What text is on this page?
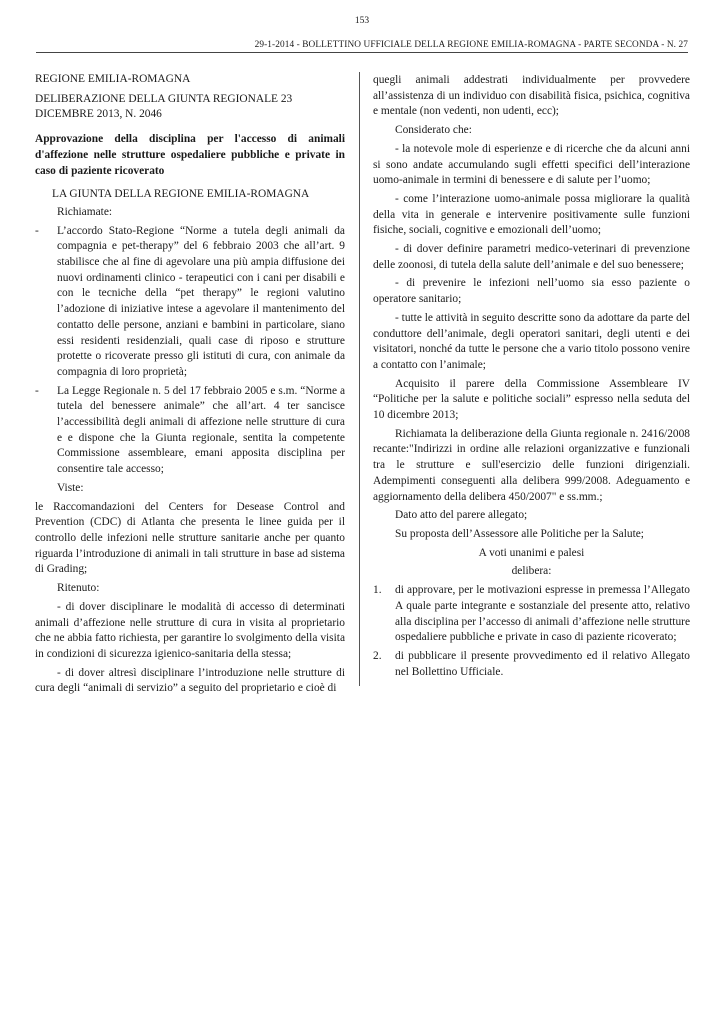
153
29-1-2014 - BOLLETTINO UFFICIALE DELLA REGIONE EMILIA-ROMAGNA - PARTE SECONDA - N. 27

REGIONE EMILIA-ROMAGNA

DELIBERAZIONE DELLA GIUNTA REGIONALE 23 DICEMBRE 2013, N. 2046

Approvazione della disciplina per l'accesso di animali d'affezione nelle strutture ospedaliere pubbliche e private in caso di paziente ricoverato

LA GIUNTA DELLA REGIONE EMILIA-ROMAGNA

Richiamate:

-	L’accordo Stato-Regione “Norme a tutela degli animali da compagnia e pet-therapy” del 6 febbraio 2003 che all’art. 9 stabilisce che al fine di agevolare una più ampia diffusione dei nuovi ordinamenti clinico - terapeutici con i cani per disabili e con le tecniche della “pet therapy” le regioni valutino l’adozione di iniziative intese a agevolare il mantenimento del contatto delle persone, anziani e bambini in particolare, siano essi residenti residenziali, quali case di riposo e strutture protette o ricoverate presso gli istituti di cura, con animale da compagnia di loro proprietà;
-	La Legge Regionale n. 5 del 17 febbraio 2005 e s.m. “Norme a tutela del benessere animale” che all’art. 4 ter sancisce l’accessibilità degli animali di affezione nelle strutture di cura e e dispone che la Giunta regionale, sentita la competente Commissione assembleare, emani apposita disciplina per consentire tale accesso;

Viste:

le Raccomandazioni del Centers for Desease Control and Prevention (CDC) di Atlanta che presenta le linee guida per il controllo delle infezioni nelle strutture sanitarie anche per quanto riguarda l’introduzione di animali in tali strutture in base ad sistema di Grading;

Ritenuto:

- di dover disciplinare le modalità di accesso di determinati animali d’affezione nelle strutture di cura in visita al proprietario che ne abbia fatto richiesta, per garantire lo svolgimento della visita in condizioni di sicurezza igienico-sanitaria della stessa;

- di dover altresì disciplinare l’introduzione nelle strutture di cura degli “animali di servizio” a seguito del proprietario e cioè di

quegli animali addestrati individualmente per provvedere all’assistenza di un individuo con disabilità fisica, psichica, cognitiva e mentale (non vedenti, non udenti, ecc);

Considerato che:

- la notevole mole di esperienze e di ricerche che da alcuni anni si sono andate accumulando sugli effetti specifici dell’interazione uomo-animale in termini di benessere e di salute per l’uomo;

- come l’interazione uomo-animale possa migliorare la qualità della vita in generale e intervenire positivamente sulle funzioni fisiche, sociali, cognitive e emozionali dell’uomo;

- di dover definire parametri medico-veterinari di prevenzione delle zoonosi, di tutela della salute dell’animale e del suo benessere;

- di prevenire le infezioni nell’uomo sia esso paziente o operatore sanitario;

- tutte le attività in seguito descritte sono da adottare da parte del conduttore dell’animale, degli operatori sanitari, degli utenti e dei visitatori, nonché da tutte le persone che a vario titolo possono venire a contatto con l’animale;

Acquisito il parere della Commissione Assembleare IV “Politiche per la salute e politiche sociali” espresso nella seduta del 10 dicembre 2013;

Richiamata la deliberazione della Giunta regionale n. 2416/2008 recante:"Indirizzi in ordine alle relazioni organizzative e funzionali tra le strutture e sull'esercizio delle funzioni dirigenziali. Adempimenti conseguenti alla delibera 999/2008. Adeguamento e aggiornamento della delibera 450/2007" e ss.mm.;

Dato atto del parere allegato;

Su proposta dell’Assessore alle Politiche per la Salute;

A voti unanimi e palesi

delibera:

1.	di approvare, per le motivazioni espresse in premessa l’Allegato A quale parte integrante e sostanziale del presente atto, relativo alla disciplina per l’accesso di animali d’affezione nelle strutture ospedaliere pubbliche e private in caso di paziente ricoverato;
2.	di pubblicare il presente provvedimento ed il relativo Allegato nel Bollettino Ufficiale.
